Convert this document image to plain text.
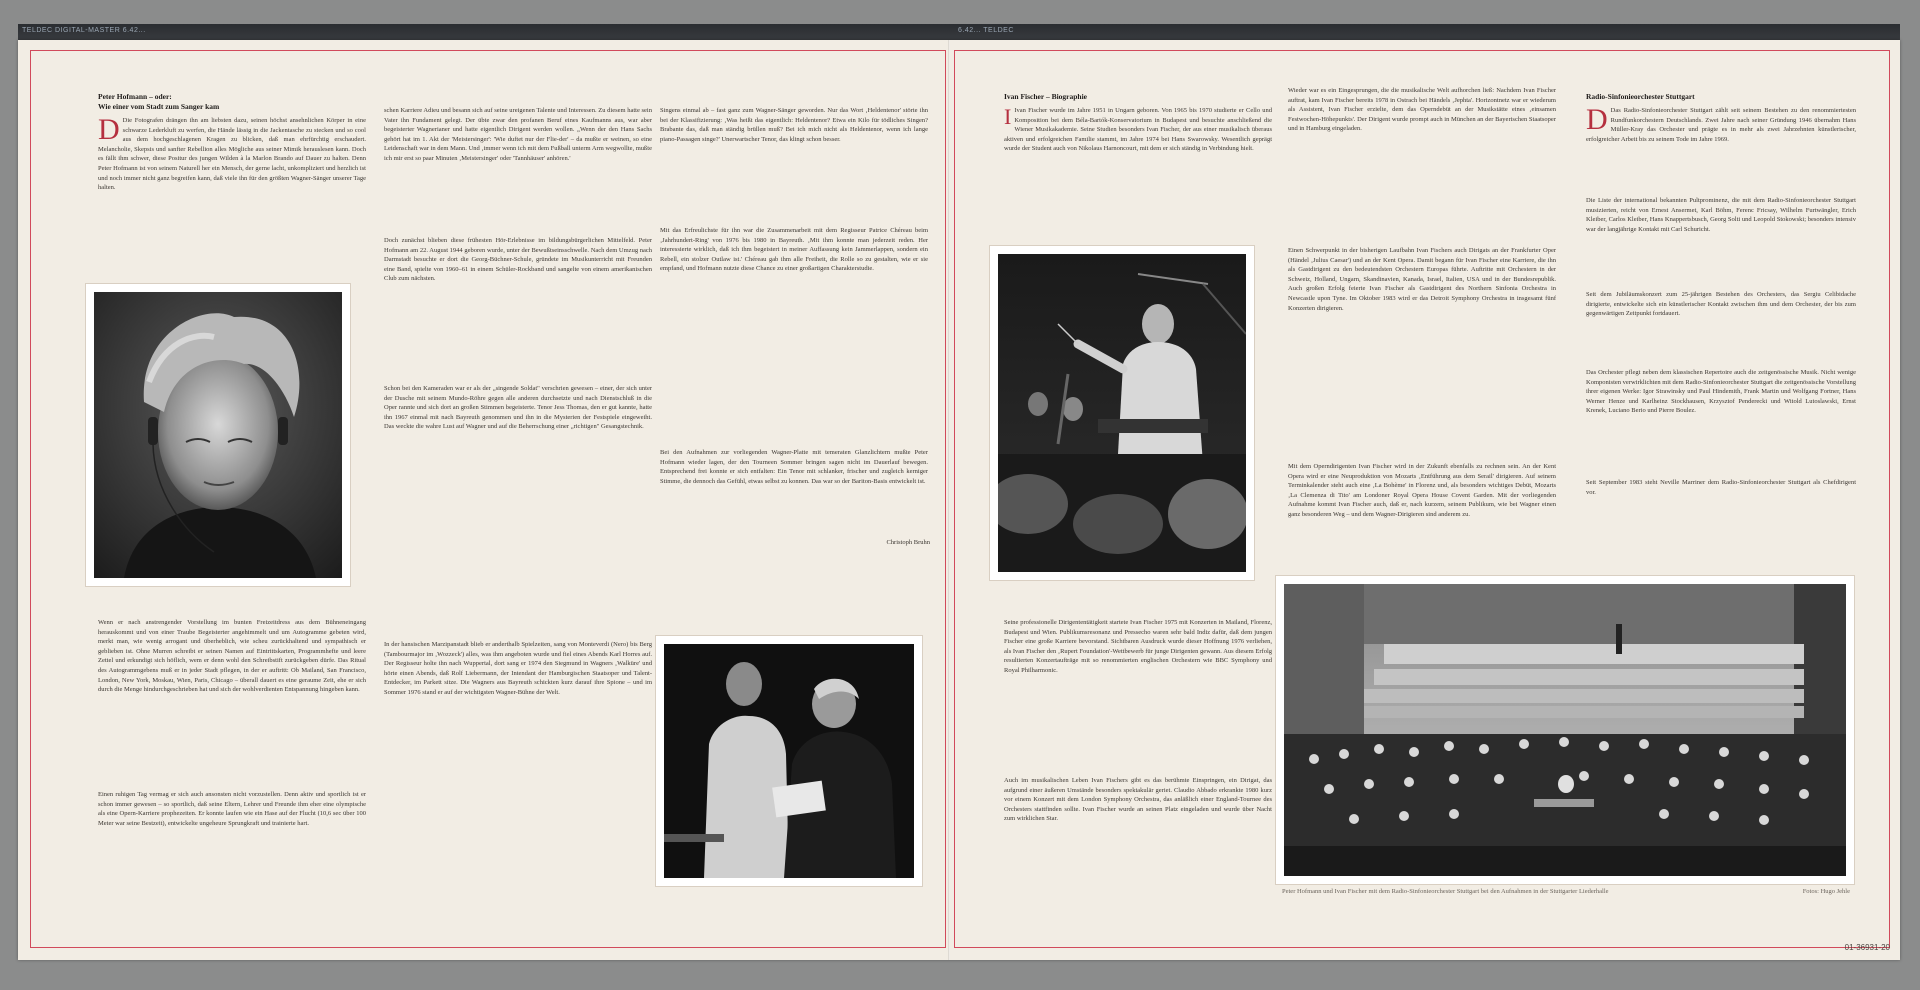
TELDEC DIGITAL-MASTER 6.42...	6.42... TELDEC
Peter Hofmann – oder:
Wie einer vom Stadt zum Sanger kam

D Die Fotografen drängen ihn am liebsten dazu, seinen höchst ansehnlichen Körper in eine schwarze Lederkluft zu werfen, die Hände lässig in die Jackentasche zu stecken und so cool aus dem hochgeschlagenen Kragen zu blicken, daß man ehrfürchtig erschaudert. Melancholie, Skepsis und sanfter Rebellion alles Mögliche aus seiner Mimik herauslesen kann. Doch es fällt ihm schwer, diese Positur des jungen Wilden à la Marlon Brando auf Dauer zu halten. Denn Peter Hofmann ist von seinem Naturell her ein Mensch, der gerne lacht, unkompliziert und herzlich ist und noch immer nicht ganz begreifen kann, daß viele ihn für den größten Wagner-Sänger unserer Tage halten.

Wenn er nach anstrengender Vorstellung im bunten Freizeitdress aus dem Bühneneingang herauskommt und von einer Traube Begeisterter angehimmelt und um Autogramme gebeten wird, merkt man, wie wenig arrogant und überheblich, wie scheu zurückhaltend und sympathisch er geblieben ist. Ohne Murren schreibt er seinen Namen auf Eintrittskarten, Programmhefte und leere Zettel und erkundigt sich höflich, wem er denn wohl den Schreibstift zurückgeben dürfe. Das Ritual des Autogrammgebens muß er in jeder Stadt pflegen, in der er auftritt: Ob Mailand, San Francisco, London, New York, Moskau, Wien, Paris, Chicago – überall dauert es eine geraume Zeit, ehe er sich durch die Menge hindurchgeschrieben hat und sich der wohlverdienten Entspannung hingeben kann.

Einen ruhigen Tag vermag er sich auch ansonsten nicht vorzustellen. Denn aktiv und sportlich ist er schon immer gewesen – so sportlich, daß seine Eltern, Lehrer und Freunde ihm eher eine olympische als eine Opern-Karriere prophezeiten. Er konnte laufen wie ein Hase auf der Flucht (10,6 sec über 100 Meter war seine Bestzeit), entwickelte ungeheure Sprungkraft und trainierte hart.

schen Karriere Adieu und besann sich auf seine ureigenen Talente und Interessen. Zu diesem hatte sein Vater ihn Fundament gelegt. Der übte zwar den profanen Beruf eines Kaufmanns aus, war aber begeisterter Wagnerianer und hatte eigentlich Dirigent werden wollen. „Wenn der den Hans Sachs gehört hat im 1. Akt der 'Meistersinger': 'Wie duftet nur der Flie-der' – da mußte er weinen, so eine Leidenschaft war in dem Mann. Und ‚immer wenn ich mit dem Fußball unterm Arm wegwollte, mußte ich mir erst so paar Minuten ‚Meistersinger' oder 'Tannhäuser' anhören.'

Doch zunächst blieben diese frühesten Hör-Erlebnisse im bildungsbürgerlichen Mittelfeld. Peter Hofmann am 22. August 1944 geboren wurde, unter der Bewußtseinsschwelle. Nach dem Umzug nach Darmstadt besuchte er dort die Georg-Büchner-Schule, gründete im Musikunterricht mit Freunden eine Band, spielte von 1960–61 in einem Schüler-Rockband und sangelte von einem amerikanischen Club zum nächsten.

Schon bei den Kameraden war er als der „singende Soldat" verschrien gewesen – einer, der sich unter der Dusche mit seinem Mundo-Röhre gegen alle anderen durchsetzte und nach Dienstschluß in die Oper rannte und sich dort an großen Stimmen begeisterte. Tenor Jess Thomas, den er gut kannte, hatte ihn 1967 einmal mit nach Bayreuth genommen und ihn in die Mysterien der Festspiele eingeweiht. Das weckte die wahre Lust auf Wagner und auf die Beherrschung einer „richtigen" Gesangstechnik.

In der hansischen Marzipanstadt blieb er anderthalb Spielzeiten, sang von Monteverdi (Nero) bis Berg (Tambourmajor im ‚Wozzeck') alles, was ihm angeboten wurde und fiel eines Abends Karl Horres auf. Der Regisseur holte ihn nach Wuppertal, dort sang er 1974 den Siegmund in Wagners ‚Walküre' und hörte einen Abends, daß Rolf Liebermann, der Intendant der Hamburgischen Staatsoper und Talent-Entdecker, im Parkett sitze. Die Wagners aus Bayreuth schickten kurz darauf ihre Spione – und im Sommer 1976 stand er auf der wichtigsten Wagner-Bühne der Welt.

Singens einmal ab – fast ganz zum Wagner-Sänger geworden. Nur das Wort ‚Heldentenor' störte ihn bei der Klassifizierung: ‚Was heißt das eigentlich: Heldentenor? Etwa ein Kilo für tödliches Singen? Brabante das, daß man ständig brüllen muß? Bei ich mich nicht als Heldentenor, wenn ich lange piano-Passagen singe?' Unerwartscher Tenor, das klingt schon besser.

Mit das Erfreulichste für ihn war die Zusammenarbeit mit dem Regisseur Patrice Chéreau beim ‚Jahrhundert-Ring' von 1976 bis 1980 in Bayreuth. ‚Mit ihm konnte man jederzeit reden. Her interessierte wirklich, daß ich ihm begeistert in meiner Auffassung kein Jammerlappen, sondern ein Rebell, ein stolzer Outlaw ist.' Chéreau gab ihm alle Freiheit, die Rolle so zu gestalten, wie er sie empfand, und Hofmann nutzte diese Chance zu einer großartigen Charakterstudie.

Bei den Aufnahmen zur vorliegenden Wagner-Platte mit temeraten Glanzlichtern mußte Peter Hofmann wieder lagen, der den Tourneen Sommer bringen sagen nicht im Dauerlauf bewegen. Entsprechend frei konnte er sich entfalten: Ein Tenor mit schlanker, frischer und zugleich kerniger Stimme, die dennoch das Gefühl, etwas selbst zu konnen. Das war so der Bariton-Basis entwickelt ist.

Christoph Bruhn
Ivan Fischer – Biographie

I Ivan Fischer wurde im Jahre 1951 in Ungarn geboren. Von 1965 bis 1970 studierte er Cello und Komposition bei dem Béla-Bartók-Konservatorium in Budapest und besuchte anschließend die Wiener Musikakademie. Seine Studien besonders Ivan Fischer, der aus einer musikalisch überaus aktiven und erfolgreichen Familie stammt, im Jahre 1974 bei Hans Swarowsky. Wesentlich geprägt wurde der Student auch von Nikolaus Harnoncourt, mit dem er sich ständig in Verbindung hielt.

Seine professionelle Dirigententätigkeit startete Ivan Fischer 1975 mit Konzerten in Mailand, Florenz, Budapest und Wien. Publikumsresonanz und Pressecho waren sehr bald Indiz dafür, daß dem jungen Fischer eine große Karriere bevorstand. Sichtbaren Ausdruck wurde dieser Hoffnung 1976 verliehen, als Ivan Fischer den ‚Rupert Foundation'-Wettbewerb für junge Dirigenten gewann. Aus diesem Erfolg resultierten Konzertaufträge mit so renommierten englischen Orchestern wie BBC Symphony und Royal Philharmonic.

Auch im musikalischen Leben Ivan Fischers gibt es das berühmte Einspringen, ein Dirigat, das aufgrund einer äußeren Umstände besonders spektakulär geriet. Claudio Abbado erkrankte 1980 kurz vor einem Konzert mit dem London Symphony Orchestra, das anläßlich einer England-Tournee des Orchesters stattfinden sollte. Ivan Fischer wurde an seinen Platz eingeladen und wurde über Nacht zum wirklichen Star.

Wieder war es ein Eingesprungen, die die musikalische Welt aufhorchen ließ: Nachdem Ivan Fischer auftrat, kam Ivan Fischer bereits 1978 in Ostrach bei Händels ‚Jephta'. Horizontnetz war er wiederum als Assistent, Ivan Fischer erzielte, dem das Operndebüt an der Musikstätte eines ‚einsamen Festwochen-Höhepunkts'. Der Dirigent wurde prompt auch in München an der Bayerischen Staatsoper und in Hamburg eingeladen.

Einen Schwerpunkt in der bisherigen Laufbahn Ivan Fischers auch Dirigats an der Frankfurter Oper (Händel ‚Julius Caesar') und an der Kent Opera. Damit begann für Ivan Fischer eine Karriere, die ihn als Gastdirigent zu den bedeutendsten Orchestern Europas führte. Auftritte mit Orchestern in der Schweiz, Holland, Ungarn, Skandinavien, Kanada, Israel, Italien, USA und in der Bundesrepublik. Auch großen Erfolg feierte Ivan Fischer als Gastdirigent des Northern Sinfonia Orchestra in Newcastle upon Tyne. Im Oktober 1983 wird er das Detroit Symphony Orchestra in insgesamt fünf Konzerten dirigieren.

Mit dem Operndirigenten Ivan Fischer wird in der Zukunft ebenfalls zu rechnen sein. An der Kent Opera wird er eine Neuproduktion von Mozarts ‚Entführung aus dem Serail' dirigieren. Auf seinem Terminkalender steht auch eine ‚La Bohème' in Florenz und, als besonders wichtiges Debüt, Mozarts ‚La Clemenza di Tito' am Londoner Royal Opera House Covent Garden. Mit der vorliegenden Aufnahme kommt Ivan Fischer auch, daß er, nach kurzem, seinem Publikum, wie bei Wagner einen ganz besonderen Weg – und dem Wagner-Dirigieren sind anderem zu.

Radio-Sinfonieorchester Stuttgart

D Das Radio-Sinfonieorchester Stuttgart zählt seit seinem Bestehen zu den renommiertesten Rundfunkorchestern Deutschlands. Zwei Jahre nach seiner Gründung 1946 übernahm Hans Müller-Kray das Orchester und prägte es in mehr als zwei Jahrzehnten künstlerischer, erfolgreicher Arbeit bis zu seinem Tode im Jahre 1969.

Die Liste der international bekannten Pultprominenz, die mit dem Radio-Sinfonieorchester Stuttgart musizierten, reicht von Ernest Ansermet, Karl Böhm, Ferenc Fricsay, Wilhelm Furtwängler, Erich Kleiber, Carlos Kleiber, Hans Knappertsbusch, Georg Solti und Leopold Stokowski; besonders intensiv war der langjährige Kontakt mit Carl Schuricht.

Seit dem Jubiläumskonzert zum 25-jährigen Bestehen des Orchesters, das Sergiu Celibidache dirigierte, entwickelte sich ein künstlerischer Kontakt zwischen ihm und dem Orchester, der bis zum gegenwärtigen Zeitpunkt fortdauert.

Das Orchester pflegt neben dem klassischen Repertoire auch die zeitgenössische Musik. Nicht wenige Komponisten verwirklichten mit dem Radio-Sinfonieorchester Stuttgart die zeitgenössische Vorstellung ihrer eigenen Werke: Igor Strawinsky und Paul Hindemith, Frank Martin und Wolfgang Fortner, Hans Werner Henze und Karlheinz Stockhausen, Krzysztof Penderecki und Witold Lutoslawski, Ernst Krenek, Luciano Berio und Pierre Boulez.

Seit September 1983 steht Neville Marriner dem Radio-Sinfonieorchester Stuttgart als Chefdirigent vor.

Peter Hofmann und Ivan Fischer mit dem Radio-Sinfonieorchester Stuttgart bei den Aufnahmen in der Stuttgarter Liederhalle	Fotos: Hugo Jehle
01-36931-20
